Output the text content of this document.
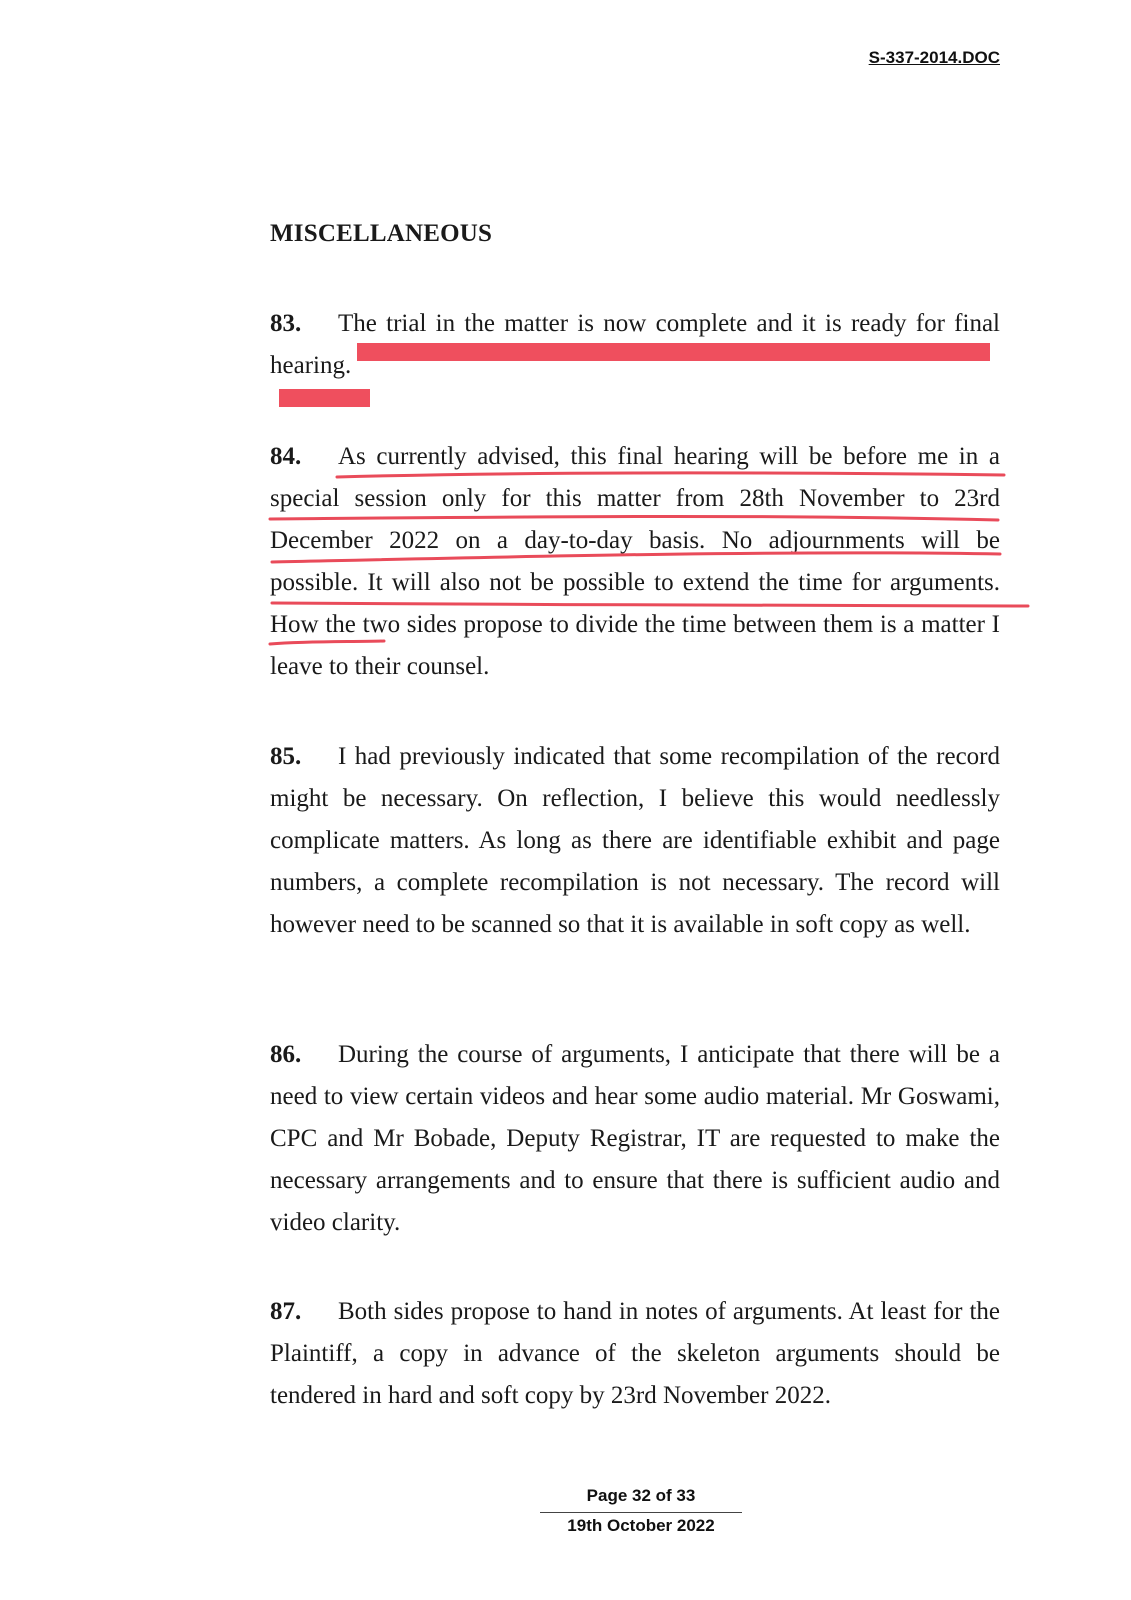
S-337-2014.DOC
MISCELLANEOUS
83. The trial in the matter is now complete and it is ready for final hearing.
84. As currently advised, this final hearing will be before me in a special session only for this matter from 28th November to 23rd December 2022 on a day-to-day basis. No adjournments will be possible. It will also not be possible to extend the time for arguments. How the two sides propose to divide the time between them is a matter I leave to their counsel.
85. I had previously indicated that some recompilation of the record might be necessary. On reflection, I believe this would needlessly complicate matters. As long as there are identifiable exhibit and page numbers, a complete recompilation is not necessary. The record will however need to be scanned so that it is available in soft copy as well.
86. During the course of arguments, I anticipate that there will be a need to view certain videos and hear some audio material. Mr Goswami, CPC and Mr Bobade, Deputy Registrar, IT are requested to make the necessary arrangements and to ensure that there is sufficient audio and video clarity.
87. Both sides propose to hand in notes of arguments. At least for the Plaintiff, a copy in advance of the skeleton arguments should be tendered in hard and soft copy by 23rd November 2022.
Page 32 of 33
19th October 2022
